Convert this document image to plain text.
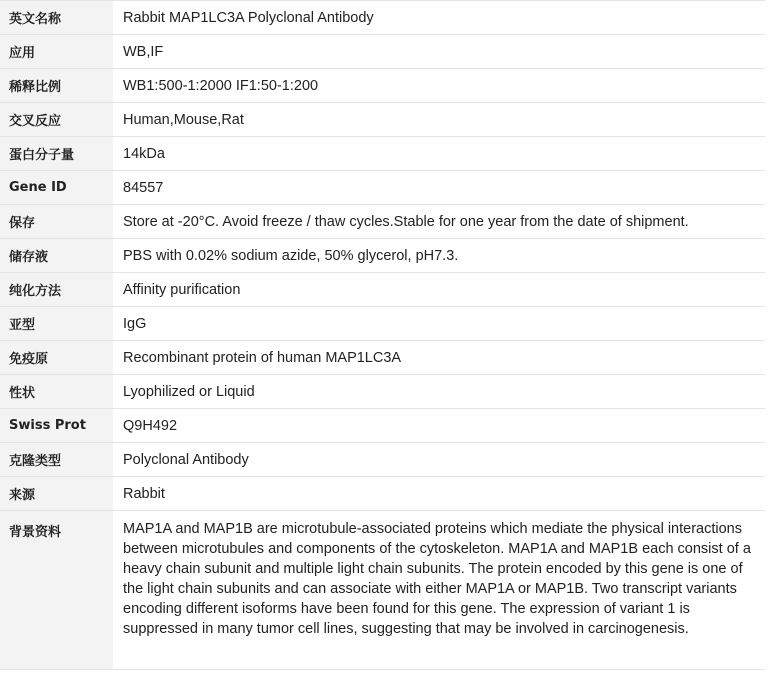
英文名称	Rabbit MAP1LC3A Polyclonal Antibody
应用	WB,IF
稀释比例	WB1:500-1:2000 IF1:50-1:200
交叉反应	Human,Mouse,Rat
蛋白分子量	14kDa
Gene ID	84557
保存	Store at -20°C. Avoid freeze / thaw cycles.Stable for one year from the date of shipment.
储存液	PBS with 0.02% sodium azide, 50% glycerol, pH7.3.
纯化方法	Affinity purification
亚型	IgG
免疫原	Recombinant protein of human MAP1LC3A
性状	Lyophilized or Liquid
Swiss Prot	Q9H492
克隆类型	Polyclonal Antibody
来源	Rabbit
背景资料	MAP1A and MAP1B are microtubule-associated proteins which mediate the physical interactions between microtubules and components of the cytoskeleton. MAP1A and MAP1B each consist of a heavy chain subunit and multiple light chain subunits. The protein encoded by this gene is one of the light chain subunits and can associate with either MAP1A or MAP1B. Two transcript variants encoding different isoforms have been found for this gene. The expression of variant 1 is suppressed in many tumor cell lines, suggesting that may be involved in carcinogenesis.
